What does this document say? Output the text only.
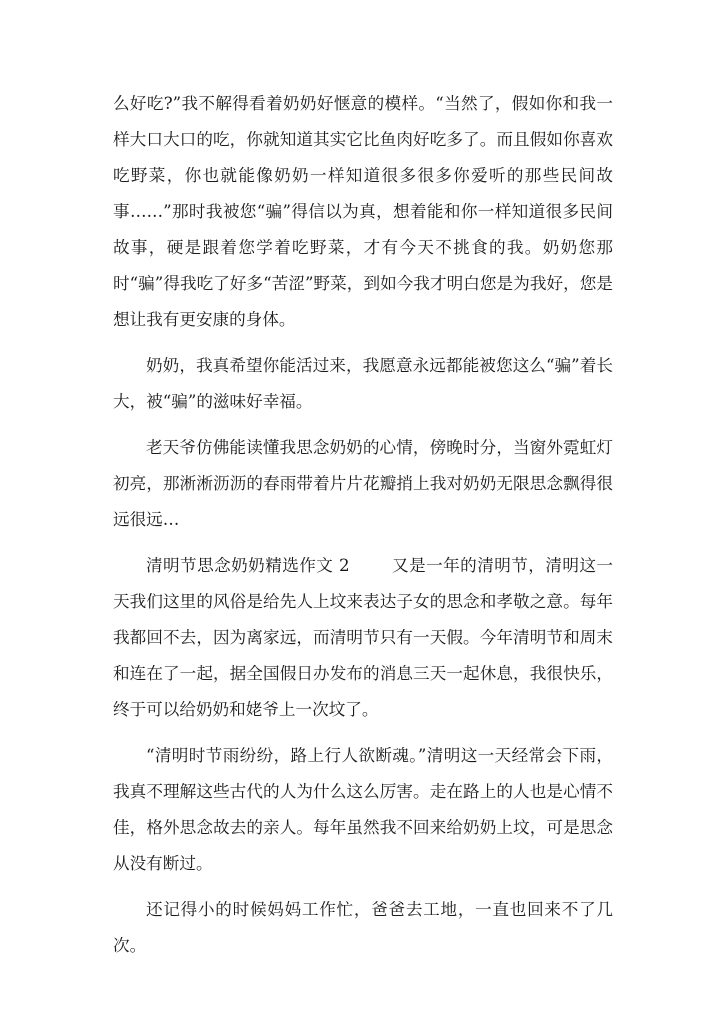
么好吃?”我不解得看着奶奶好惬意的模样。“当然了，假如你和我一样大口大口的吃，你就知道其实它比鱼肉好吃多了。而且假如你喜欢吃野菜，你也就能像奶奶一样知道很多很多你爱听的那些民间故事……”那时我被您“骗”得信以为真，想着能和你一样知道很多民间故事，硬是跟着您学着吃野菜，才有今天不挑食的我。奶奶您那时“骗”得我吃了好多“苦涩”野菜，到如今我才明白您是为我好，您是想让我有更安康的身体。

奶奶，我真希望你能活过来，我愿意永远都能被您这么“骗”着长大，被“骗”的滋味好幸福。

老天爷仿佛能读懂我思念奶奶的心情，傍晚时分，当窗外霓虹灯初亮，那淅淅沥沥的春雨带着片片花瓣捎上我对奶奶无限思念飘得很远很远…

清明节思念奶奶精选作文 2	又是一年的清明节，清明这一天我们这里的风俗是给先人上坟来表达子女的思念和孝敬之意。每年我都回不去，因为离家远，而清明节只有一天假。今年清明节和周末和连在了一起，据全国假日办发布的消息三天一起休息，我很快乐，终于可以给奶奶和姥爷上一次坟了。

“清明时节雨纷纷，路上行人欲断魂。”清明这一天经常会下雨，我真不理解这些古代的人为什么这么厉害。走在路上的人也是心情不佳，格外思念故去的亲人。每年虽然我不回来给奶奶上坟，可是思念从没有断过。

还记得小的时候妈妈工作忙，爸爸去工地，一直也回来不了几次。
